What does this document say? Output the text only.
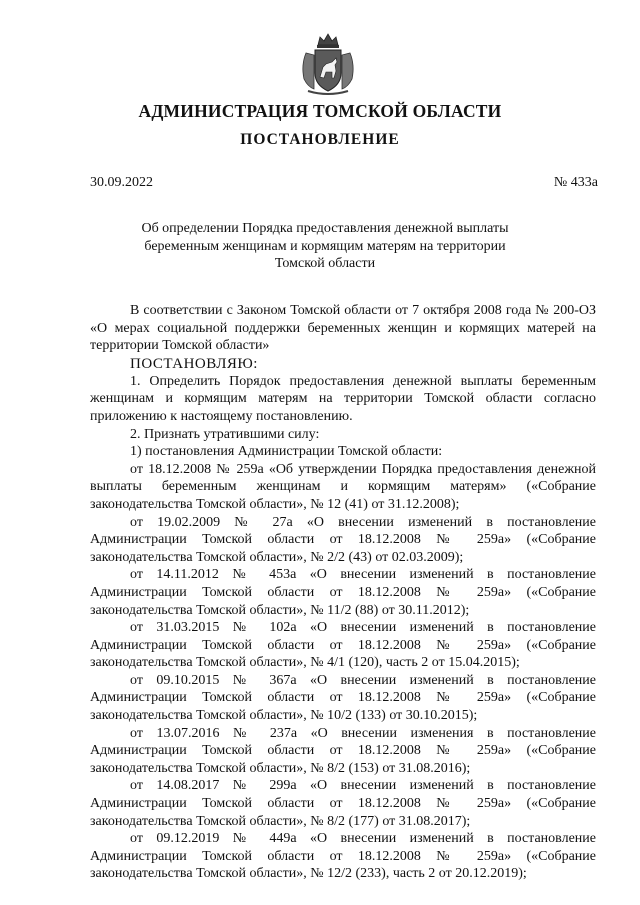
АДМИНИСТРАЦИЯ ТОМСКОЙ ОБЛАСТИ
ПОСТАНОВЛЕНИЕ
30.09.2022	№ 433а
Об определении Порядка предоставления денежной выплаты
беременным женщинам и кормящим матерям на территории
Томской области

В соответствии с Законом Томской области от 7 октября 2008 года № 200-ОЗ «О мерах социальной поддержки беременных женщин и кормящих матерей на территории Томской области»

ПОСТАНОВЛЯЮ:

1. Определить Порядок предоставления денежной выплаты беременным женщинам и кормящим матерям на территории Томской области согласно приложению к настоящему постановлению.

2. Признать утратившими силу:

1) постановления Администрации Томской области:

от 18.12.2008 № 259а «Об утверждении Порядка предоставления денежной выплаты беременным женщинам и кормящим матерям» («Собрание законодательства Томской области», № 12 (41) от 31.12.2008);

от 19.02.2009 № 27а «О внесении изменений в постановление Администрации Томской области от 18.12.2008 № 259а» («Собрание законодательства Томской области», № 2/2 (43) от 02.03.2009);

от 14.11.2012 № 453а «О внесении изменений в постановление Администрации Томской области от 18.12.2008 № 259а» («Собрание законодательства Томской области», № 11/2 (88) от 30.11.2012);

от 31.03.2015 № 102а «О внесении изменений в постановление Администрации Томской области от 18.12.2008 № 259а» («Собрание законодательства Томской области», № 4/1 (120), часть 2 от 15.04.2015);

от 09.10.2015 № 367а «О внесении изменений в постановление Администрации Томской области от 18.12.2008 № 259а» («Собрание законодательства Томской области», № 10/2 (133) от 30.10.2015);

от 13.07.2016 № 237а «О внесении изменения в постановление Администрации Томской области от 18.12.2008 № 259а» («Собрание законодательства Томской области», № 8/2 (153) от 31.08.2016);

от 14.08.2017 № 299а «О внесении изменений в постановление Администрации Томской области от 18.12.2008 № 259а» («Собрание законодательства Томской области», № 8/2 (177) от 31.08.2017);

от 09.12.2019 № 449а «О внесении изменений в постановление Администрации Томской области от 18.12.2008 № 259а» («Собрание законодательства Томской области», № 12/2 (233), часть 2 от 20.12.2019);
